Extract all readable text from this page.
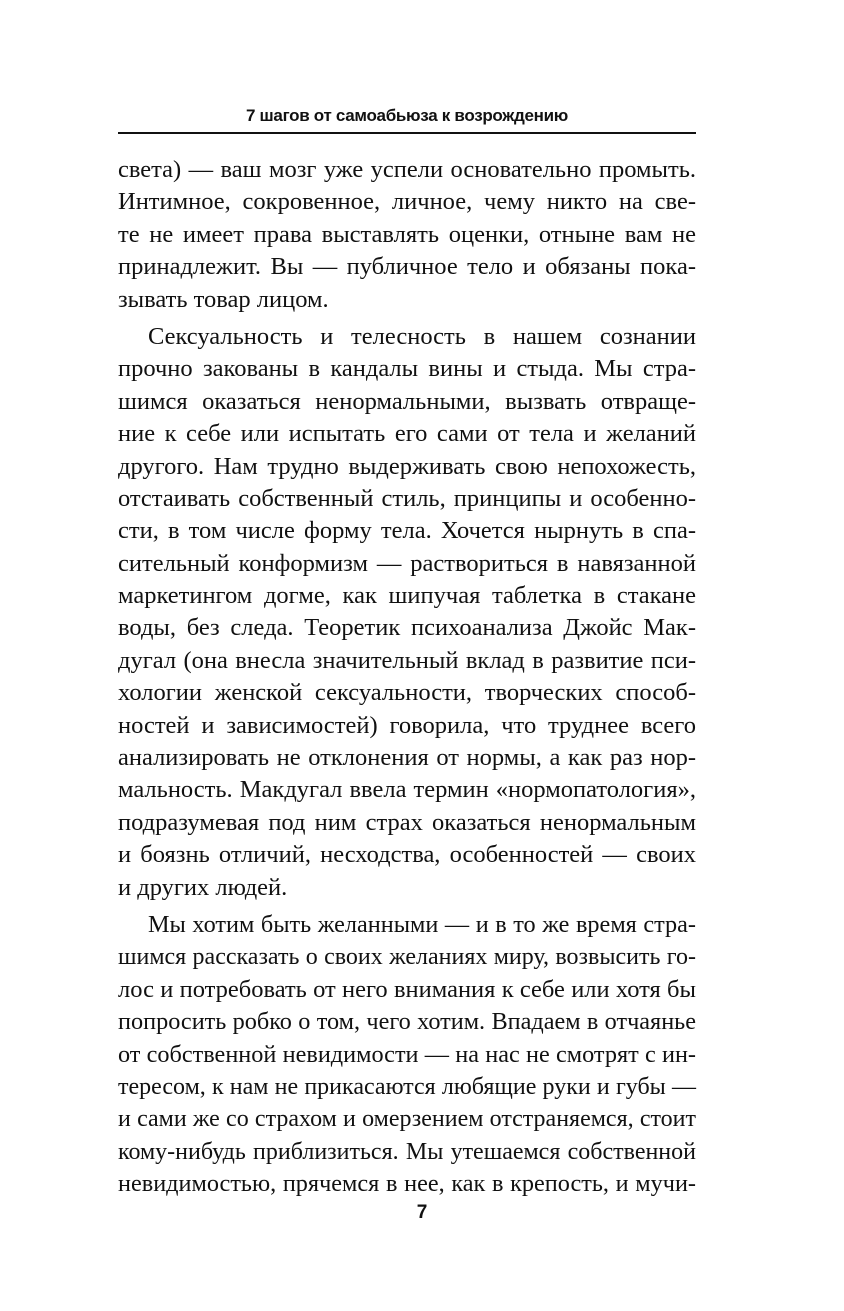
7 шагов от самоабьюза к возрождению
света) — ваш мозг уже успели основательно промыть.
Интимное, сокровенное, личное, чему никто на све-
те не имеет права выставлять оценки, отныне вам не
принадлежит. Вы — публичное тело и обязаны пока-
зывать товар лицом.
Сексуальность и телесность в нашем сознании
прочно закованы в кандалы вины и стыда. Мы стра-
шимся оказаться ненормальными, вызвать отвраще-
ние к себе или испытать его сами от тела и желаний
другого. Нам трудно выдерживать свою непохожесть,
отстаивать собственный стиль, принципы и особенно-
сти, в том числе форму тела. Хочется нырнуть в спа-
сительный конформизм — раствориться в навязанной
маркетингом догме, как шипучая таблетка в стакане
воды, без следа. Теоретик психоанализа Джойс Мак-
дугал (она внесла значительный вклад в развитие пси-
хологии женской сексуальности, творческих способ-
ностей и зависимостей) говорила, что труднее всего
анализировать не отклонения от нормы, а как раз нор-
мальность. Макдугал ввела термин «нормопатология»,
подразумевая под ним страх оказаться ненормальным
и боязнь отличий, несходства, особенностей — своих
и других людей.
Мы хотим быть желанными — и в то же время стра-
шимся рассказать о своих желаниях миру, возвысить го-
лос и потребовать от него внимания к себе или хотя бы
попросить робко о том, чего хотим. Впадаем в отчаянье
от собственной невидимости — на нас не смотрят с ин-
тересом, к нам не прикасаются любящие руки и губы —
и сами же со страхом и омерзением отстраняемся, стоит
кому-нибудь приблизиться. Мы утешаемся собственной
невидимостью, прячемся в нее, как в крепость, и мучи-
7
